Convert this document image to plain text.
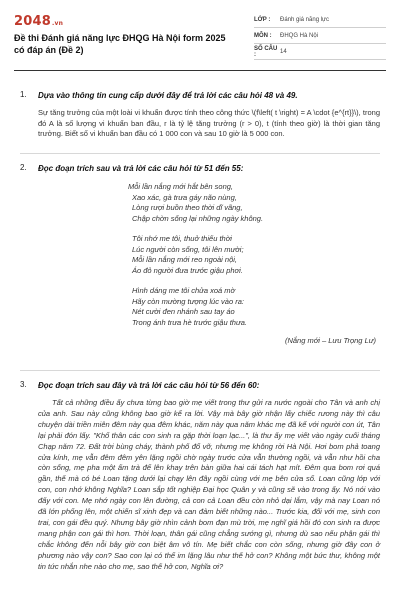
2048.vn
Đề thi Đánh giá năng lực ĐHQG Hà Nội form 2025 có đáp án (Đề 2)
LỚP :	Đánh giá năng lực
MÔN :	ĐHQG Hà Nội
SỐ CÂU :	14
1. Dựa vào thông tin cung cấp dưới đây để trả lời các câu hỏi 48 và 49.
Sự tăng trưởng của một loài vi khuẩn được tính theo công thức \(f\left( t \right) = A \cdot {e^{rt}}\), trong đó A là số lượng vi khuẩn ban đầu, r là tỷ lệ tăng trưởng (r > 0), t (tính theo giờ) là thời gian tăng trưởng. Biết số vi khuẩn ban đầu có 1 000 con và sau 10 giờ là 5 000 con.
2. Đọc đoạn trích sau và trả lời các câu hỏi từ 51 đến 55:
Mỗi lần nắng mới hắt bên song,
Xao xác, gà trưa gáy não nùng,
Lòng rượi buồn theo thời dĩ vãng,
Chập chờn sống lại những ngày không.
Tôi nhớ me tôi, thuở thiếu thời
Lúc người còn sống, tôi lên mười;
Mỗi lần nắng mới reo ngoài nội,
Áo đỏ người đưa trước giậu phơi.
Hình dáng me tôi chửa xoá mờ
Hãy còn mường tượng lúc vào ra:
Nét cười đen nhánh sau tay áo
Trong ánh trưa hè trước giậu thưa.
(Nắng mới – Lưu Trọng Lư)
3. Đọc đoạn trích sau đây và trả lời các câu hỏi từ 56 đến 60:
Tất cả những điều ấy chưa từng bao giờ mẹ viết trong thư gửi ra nước ngoài cho Tân và anh chị của anh. Sau này cũng không bao giờ kể ra lời. Vậy mà bây giờ nhận lấy chiếc rương này thì câu chuyện dài triền miên đêm này qua đêm khác, năm này qua năm khác mẹ đã kể với người con út, Tân lại phải đón lấy. "Khổ thân các con sinh ra gặp thời loạn lạc...", là thư ấy mẹ viết vào ngày cuối tháng Chạp năm 72. Đất trời bùng cháy, thành phố đổ vỡ, nhưng mẹ không rời Hà Nội. Hơi bom phả toang cửa kính, mẹ vẫn đêm đêm yên lặng ngồi chờ ngày trước cửa vẫn thường ngồi, và vẫn như hồi cha còn sống, mẹ pha một ấm trà để lên khay trên bàn giữa hai cái tách hạt mít. Đêm qua bom rơi quá gần, thế mà có bé Loan tặng dưới lại chạy lên đây ngồi cùng với mẹ bên cửa sổ. Loan cũng lớp với con, con nhớ không Nghĩa? Loan sắp tốt nghiệp Đại học Quân y và cũng sẽ vào trong ấy. Nó nói vào đấy với con. Mẹ nhớ ngày con lên đường, cả con cả Loan đều còn nhỏ dại lắm, vậy mà nay Loan nó đã lớn phổng lên, một chiến sĩ xinh đẹp và can đảm biết những nào... Trước kia, đối với mẹ, sinh con trai, con gái đều quý. Nhưng bây giờ nhìn cảnh bom đạn mù trời, mẹ nghĩ giá hồi đó con sinh ra được mang phận con gái thì hơn. Thời loạn, thân gái cũng chẳng sướng gì, nhưng dù sao nếu phận gái thì chắc không đến nỗi bây giờ con biệt âm vô tín. Mẹ biết chắc con còn sống, nhưng giờ đây con ở phương nào vậy con? Sao con lại có thể im lặng lâu như thế hở con? Không một bức thư, không một tin tức nhắn nhe nào cho mẹ, sao thế hở con, Nghĩa ơi?
